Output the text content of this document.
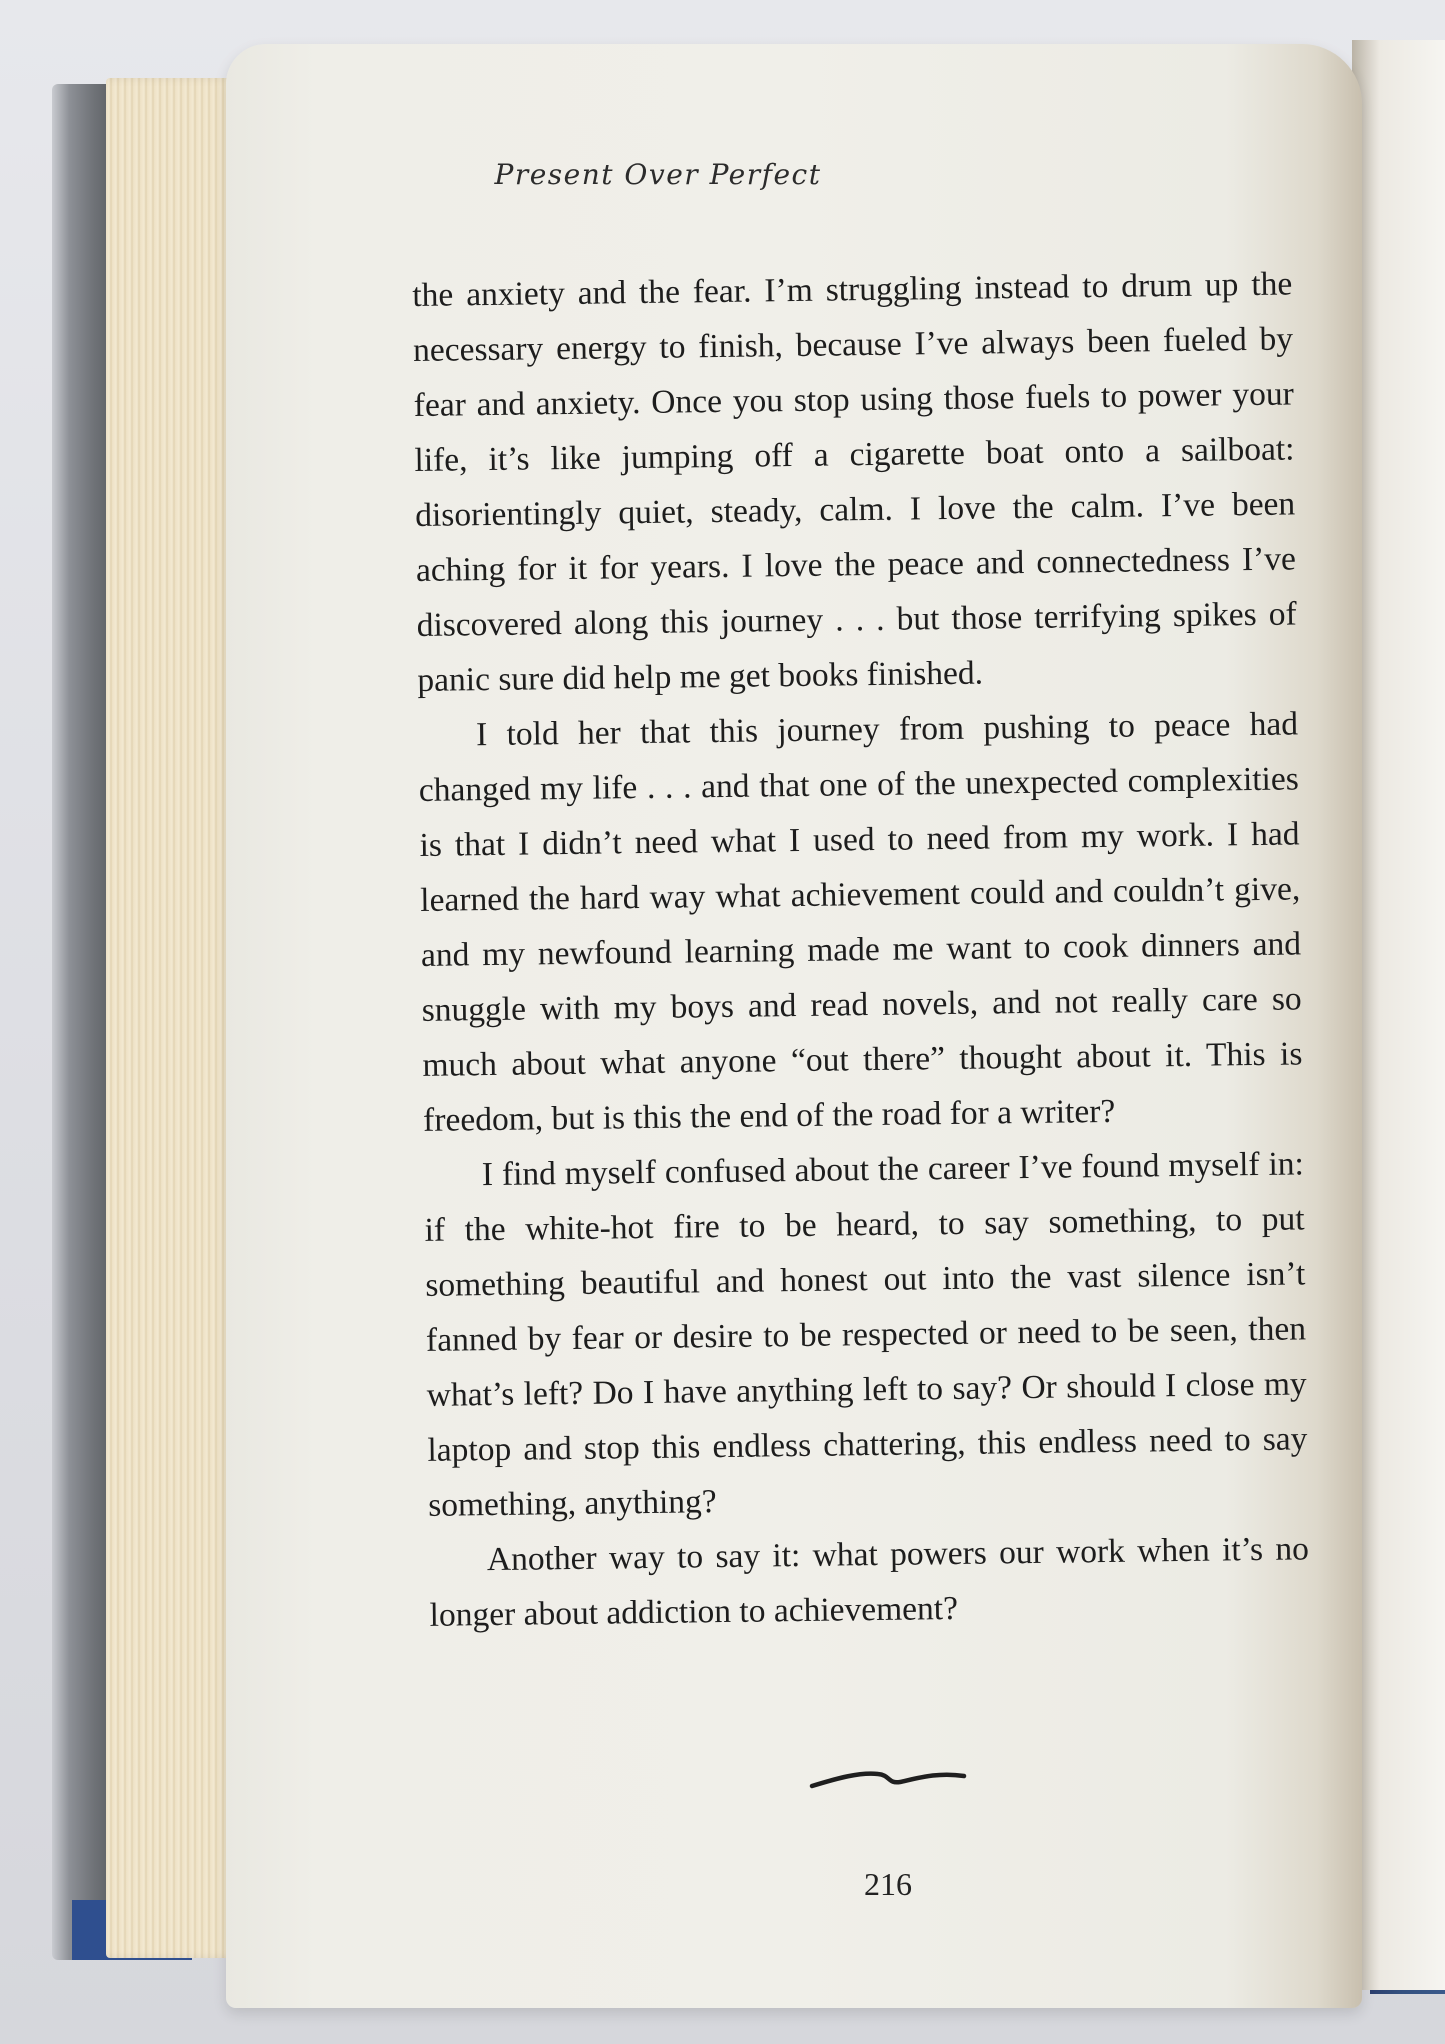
Present Over Perfect

the anxiety and the fear. I’m struggling instead to drum up the necessary energy to finish, because I’ve always been fueled by fear and anxiety. Once you stop using those fuels to power your life, it’s like jumping off a cigarette boat onto a sailboat: disorientingly quiet, steady, calm. I love the calm. I’ve been aching for it for years. I love the peace and connectedness I’ve discovered along this journey . . . but those terrifying spikes of panic sure did help me get books finished.

I told her that this journey from pushing to peace had changed my life . . . and that one of the unexpected complexities is that I didn’t need what I used to need from my work. I had learned the hard way what achievement could and couldn’t give, and my newfound learning made me want to cook dinners and snuggle with my boys and read novels, and not really care so much about what anyone “out there” thought about it. This is freedom, but is this the end of the road for a writer?

I find myself confused about the career I’ve found myself in: if the white-hot fire to be heard, to say something, to put something beautiful and honest out into the vast silence isn’t fanned by fear or desire to be respected or need to be seen, then what’s left? Do I have anything left to say? Or should I close my laptop and stop this endless chattering, this endless need to say something, anything?

Another way to say it: what powers our work when it’s no longer about addiction to achievement?

216
